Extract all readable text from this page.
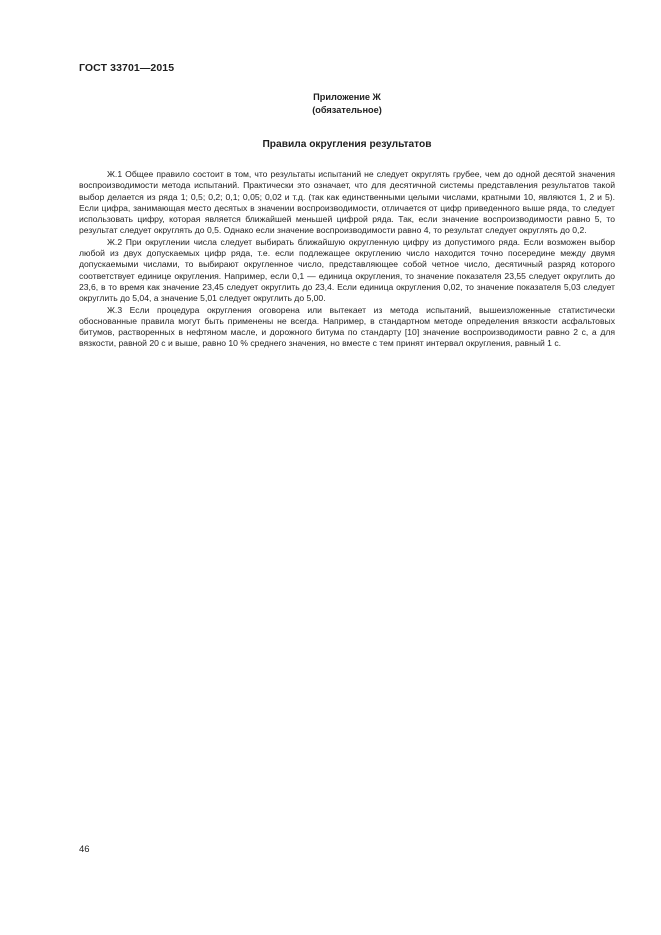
ГОСТ 33701—2015
Приложение Ж
(обязательное)
Правила округления результатов

Ж.1 Общее правило состоит в том, что результаты испытаний не следует округлять грубее, чем до одной десятой значения воспроизводимости метода испытаний. Практически это означает, что для десятичной системы представления результатов такой выбор делается из ряда 1; 0,5; 0,2; 0,1; 0,05; 0,02 и т.д. (так как единственными целыми числами, кратными 10, являются 1, 2 и 5). Если цифра, занимающая место десятых в значении воспроизводимости, отличается от цифр приведенного выше ряда, то следует использовать цифру, которая является ближайшей меньшей цифрой ряда. Так, если значение воспроизводимости равно 5, то результат следует округлять до 0,5. Однако если значение воспроизводимости равно 4, то результат следует округлять до 0,2.

Ж.2 При округлении числа следует выбирать ближайшую округленную цифру из допустимого ряда. Если возможен выбор любой из двух допускаемых цифр ряда, т.е. если подлежащее округлению число находится точно посередине между двумя допускаемыми числами, то выбирают округленное число, представляющее собой четное число, десятичный разряд которого соответствует единице округления. Например, если 0,1 — единица округления, то значение показателя 23,55 следует округлить до 23,6, в то время как значение 23,45 следует округлить до 23,4. Если единица округления 0,02, то значение показателя 5,03 следует округлить до 5,04, а значение 5,01 следует округлить до 5,00.

Ж.3 Если процедура округления оговорена или вытекает из метода испытаний, вышеизложенные статистически обоснованные правила могут быть применены не всегда. Например, в стандартном методе определения вязкости асфальтовых битумов, растворенных в нефтяном масле, и дорожного битума по стандарту [10] значение воспроизводимости равно 2 с, а для вязкости, равной 20 с и выше, равно 10 % среднего значения, но вместе с тем принят интервал округления, равный 1 с.

46
